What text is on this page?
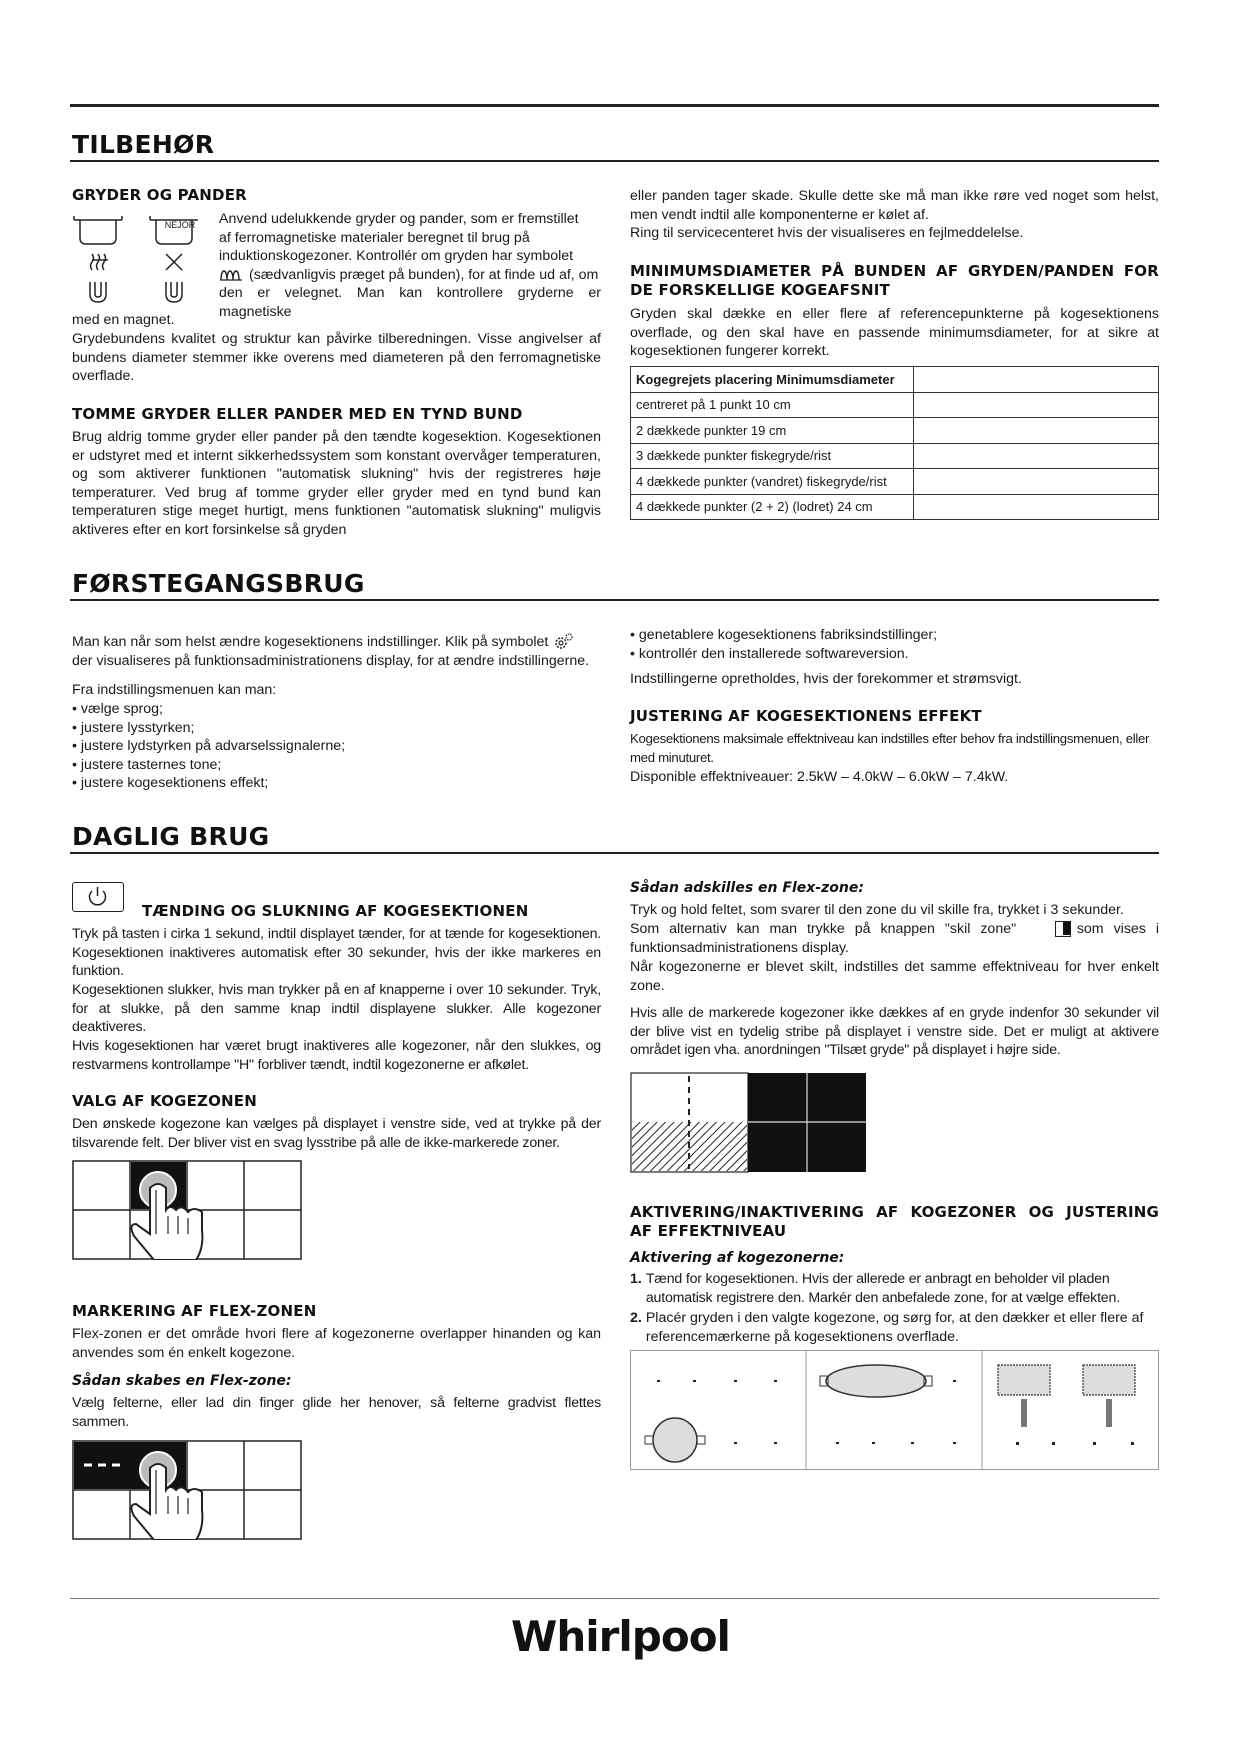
TILBEHØR
GRYDER OG PANDER
NEJOR Anvend udelukkende gryder og pander, som er fremstillet
af ferromagnetiske materialer beregnet til brug på
induktionskogezoner. Kontrollér om gryden har symbolet
(sædvanligvis præget på bunden), for at finde ud af, om
den er velegnet. Man kan kontrollere gryderne er magnetiske
med en magnet.
Grydebundens kvalitet og struktur kan påvirke tilberedningen. Visse angivelser af bundens diameter stemmer ikke overens med diameteren på den ferromagnetiske overflade.
TOMME GRYDER ELLER PANDER MED EN TYND BUND
Brug aldrig tomme gryder eller pander på den tændte kogesektion. Kogesektionen er udstyret med et internt sikkerhedssystem som konstant overvåger temperaturen, og som aktiverer funktionen "automatisk slukning" hvis der registreres høje temperaturer. Ved brug af tomme gryder eller gryder med en tynd bund kan temperaturen stige meget hurtigt, mens funktionen "automatisk slukning" muligvis aktiveres efter en kort forsinkelse så gryden
eller panden tager skade. Skulle dette ske må man ikke røre ved noget som helst, men vendt indtil alle komponenterne er kølet af.
Ring til servicecenteret hvis der visualiseres en fejlmeddelelse.
MINIMUMSDIAMETER PÅ BUNDEN AF GRYDEN/PANDEN FOR DE FORSKELLIGE KOGEAFSNIT
Gryden skal dække en eller flere af referencepunkterne på kogesektionens overflade, og den skal have en passende minimumsdiameter, for at sikre at kogesektionen fungerer korrekt.
Kogegrejets placering Minimumsdiameter	
centreret på 1 punkt 10 cm	
2 dækkede punkter 19 cm	
3 dækkede punkter fiskegryde/rist	
4 dækkede punkter (vandret) fiskegryde/rist	
4 dækkede punkter (2 + 2) (lodret) 24 cm	
FØRSTEGANGSBRUG
Man kan når som helst ændre kogesektionens indstillinger. Klik på symbolet
der visualiseres på funktionsadministrationens display, for at ændre indstillingerne.
Fra indstillingsmenuen kan man:
• vælge sprog;
• justere lysstyrken;
• justere lydstyrken på advarselssignalerne;
• justere tasternes tone;
• justere kogesektionens effekt;
• genetablere kogesektionens fabriksindstillinger;
• kontrollér den installerede softwareversion.
Indstillingerne opretholdes, hvis der forekommer et strømsvigt.
JUSTERING AF KOGESEKTIONENS EFFEKT
Kogesektionens maksimale effektniveau kan indstilles efter behov fra indstillingsmenuen, eller med minuturet.
Disponible effektniveauer: 2.5kW – 4.0kW – 6.0kW – 7.4kW.
DAGLIG BRUG
TÆNDING OG SLUKNING AF KOGESEKTIONEN
Tryk på tasten i cirka 1 sekund, indtil displayet tænder, for at tænde for kogesektionen. Kogesektionen inaktiveres automatisk efter 30 sekunder, hvis der ikke markeres en funktion.
Kogesektionen slukker, hvis man trykker på en af knapperne i over 10 sekunder. Tryk, for at slukke, på den samme knap indtil displayene slukker. Alle kogezoner deaktiveres.
Hvis kogesektionen har været brugt inaktiveres alle kogezoner, når den slukkes, og restvarmens kontrollampe "H" forbliver tændt, indtil kogezonerne er afkølet.
VALG AF KOGEZONEN
Den ønskede kogezone kan vælges på displayet i venstre side, ved at trykke på der tilsvarende felt. Der bliver vist en svag lysstribe på alle de ikke-markerede zoner.
MARKERING AF FLEX-ZONEN
Flex-zonen er det område hvori flere af kogezonerne overlapper hinanden og kan anvendes som én enkelt kogezone.
Sådan skabes en Flex-zone:
Vælg felterne, eller lad din finger glide her henover, så felterne gradvist flettes sammen.
Sådan adskilles en Flex-zone:
Tryk og hold feltet, som svarer til den zone du vil skille fra, trykket i 3 sekunder.
Som alternativ kan man trykke på knappen "skil zone"	som vises i
funktionsadministrationens display.
Når kogezonerne er blevet skilt, indstilles det samme effektniveau for hver enkelt zone.
Hvis alle de markerede kogezoner ikke dækkes af en gryde indenfor 30 sekunder vil der blive vist en tydelig stribe på displayet i venstre side. Det er muligt at aktivere området igen vha. anordningen "Tilsæt gryde" på displayet i højre side.
AKTIVERING/INAKTIVERING AF KOGEZONER OG JUSTERING AF EFFEKTNIVEAU
Aktivering af kogezonerne:
1. Tænd for kogesektionen. Hvis der allerede er anbragt en beholder vil pladen automatisk registrere den. Markér den anbefalede zone, for at vælge effekten.
2. Placér gryden i den valgte kogezone, og sørg for, at den dækker et eller flere af referencemærkerne på kogesektionens overflade.
Whirlpool
